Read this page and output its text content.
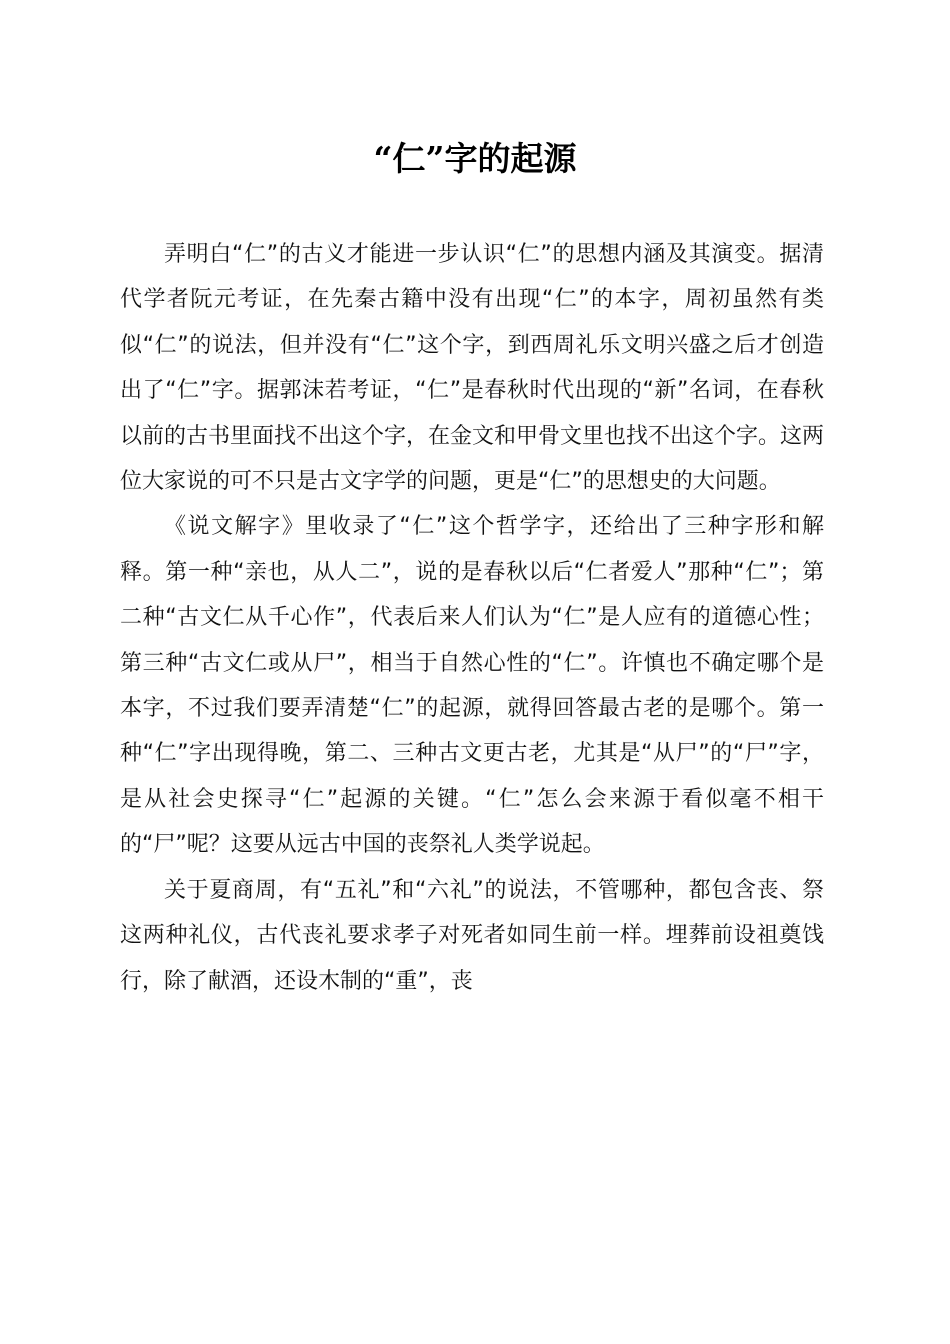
“仁”字的起源

弄明白“仁”的古义才能进一步认识“仁”的思想内涵及其演变。据清代学者阮元考证，在先秦古籍中没有出现“仁”的本字，周初虽然有类似“仁”的说法，但并没有“仁”这个字，到西周礼乐文明兴盛之后才创造出了“仁”字。据郭沫若考证，“仁”是春秋时代出现的“新”名词，在春秋以前的古书里面找不出这个字，在金文和甲骨文里也找不出这个字。这两位大家说的可不只是古文字学的问题，更是“仁”的思想史的大问题。

《说文解字》里收录了“仁”这个哲学字，还给出了三种字形和解释。第一种“亲也，从人二”，说的是春秋以后“仁者爱人”那种“仁”；第二种“古文仁从千心作”，代表后来人们认为“仁”是人应有的道德心性；第三种“古文仁或从尸”，相当于自然心性的“仁”。许慎也不确定哪个是本字，不过我们要弄清楚“仁”的起源，就得回答最古老的是哪个。第一种“仁”字出现得晚，第二、三种古文更古老，尤其是“从尸”的“尸”字，是从社会史探寻“仁”起源的关键。“仁”怎么会来源于看似毫不相干的“尸”呢？这要从远古中国的丧祭礼人类学说起。

关于夏商周，有“五礼”和“六礼”的说法，不管哪种，都包含丧、祭这两种礼仪，古代丧礼要求孝子对死者如同生前一样。埋葬前设祖奠饯行，除了献酒，还设木制的“重”，丧
